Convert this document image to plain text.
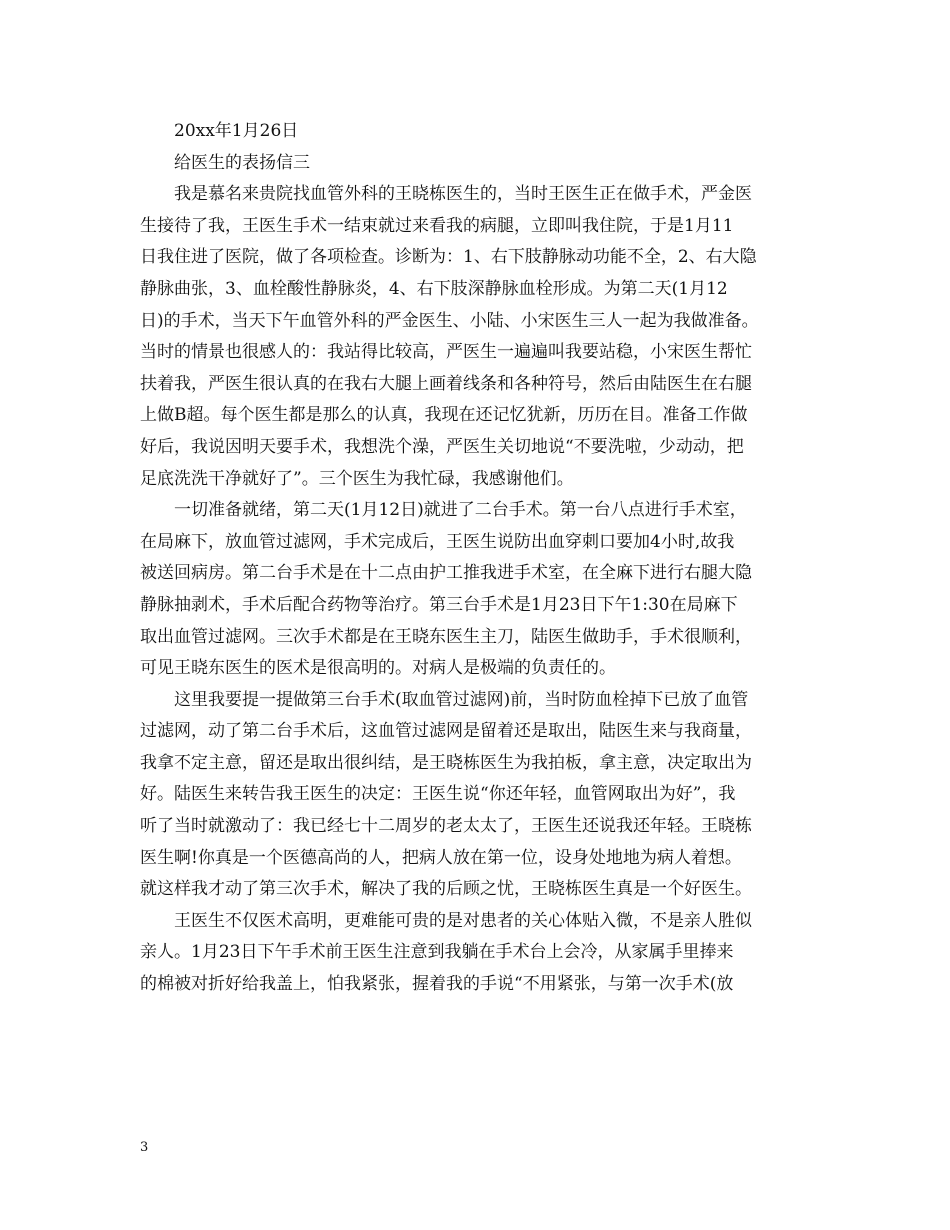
20xx年1月26日
给医生的表扬信三
我是慕名来贵院找血管外科的王晓栋医生的，当时王医生正在做手术，严金医
生接待了我，王医生手术一结束就过来看我的病腿，立即叫我住院，于是1月11
日我住进了医院，做了各项检查。诊断为：1、右下肢静脉动功能不全，2、右大隐
静脉曲张，3、血栓酸性静脉炎，4、右下肢深静脉血栓形成。为第二天(1月12
日)的手术，当天下午血管外科的严金医生、小陆、小宋医生三人一起为我做准备。
当时的情景也很感人的：我站得比较高，严医生一遍遍叫我要站稳，小宋医生帮忙
扶着我，严医生很认真的在我右大腿上画着线条和各种符号，然后由陆医生在右腿
上做B超。每个医生都是那么的认真，我现在还记忆犹新，历历在目。准备工作做
好后，我说因明天要手术，我想洗个澡，严医生关切地说“不要洗啦，少动动，把
足底洗洗干净就好了”。三个医生为我忙碌，我感谢他们。
一切准备就绪，第二天(1月12日)就进了二台手术。第一台八点进行手术室，
在局麻下，放血管过滤网，手术完成后，王医生说防出血穿刺口要加4小时,故我
被送回病房。第二台手术是在十二点由护工推我进手术室，在全麻下进行右腿大隐
静脉抽剥术，手术后配合药物等治疗。第三台手术是1月23日下午1:30在局麻下
取出血管过滤网。三次手术都是在王晓东医生主刀，陆医生做助手，手术很顺利，
可见王晓东医生的医术是很高明的。对病人是极端的负责任的。
这里我要提一提做第三台手术(取血管过滤网)前，当时防血栓掉下已放了血管
过滤网，动了第二台手术后，这血管过滤网是留着还是取出，陆医生来与我商量，
我拿不定主意，留还是取出很纠结，是王晓栋医生为我拍板，拿主意，决定取出为
好。陆医生来转告我王医生的决定：王医生说“你还年轻，血管网取出为好”，我
听了当时就激动了：我已经七十二周岁的老太太了，王医生还说我还年轻。王晓栋
医生啊!你真是一个医德高尚的人，把病人放在第一位，设身处地地为病人着想。
就这样我才动了第三次手术，解决了我的后顾之忧，王晓栋医生真是一个好医生。
王医生不仅医术高明，更难能可贵的是对患者的关心体贴入微，不是亲人胜似
亲人。1月23日下午手术前王医生注意到我躺在手术台上会冷，从家属手里捧来
的棉被对折好给我盖上，怕我紧张，握着我的手说“不用紧张，与第一次手术(放
3
